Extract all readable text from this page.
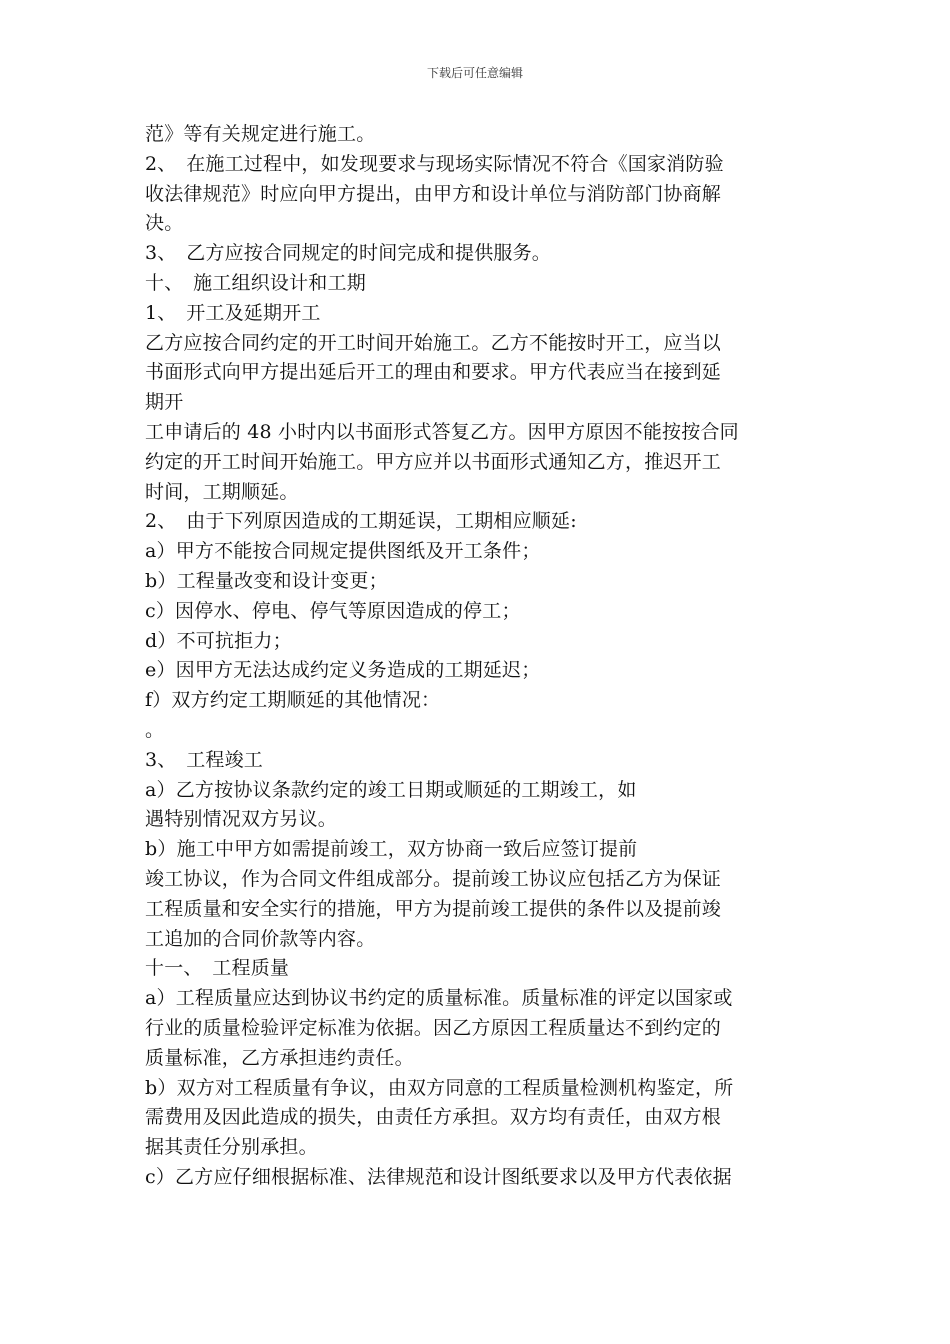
下载后可任意编辑
范》等有关规定进行施工。
2、　在施工过程中，如发现要求与现场实际情况不符合《国家消防验
收法律规范》时应向甲方提出，由甲方和设计单位与消防部门协商解
决。
3、　乙方应按合同规定的时间完成和提供服务。
十、　施工组织设计和工期
1、　开工及延期开工
乙方应按合同约定的开工时间开始施工。乙方不能按时开工，应当以
书面形式向甲方提出延后开工的理由和要求。甲方代表应当在接到延
期开
工申请后的 48 小时内以书面形式答复乙方。因甲方原因不能按按合同
约定的开工时间开始施工。甲方应并以书面形式通知乙方，推迟开工
时间，工期顺延。
2、　由于下列原因造成的工期延误，工期相应顺延:
a）甲方不能按合同规定提供图纸及开工条件；
b）工程量改变和设计变更；
c）因停水、停电、停气等原因造成的停工；
d）不可抗拒力；
e）因甲方无法达成约定义务造成的工期延迟；
f）双方约定工期顺延的其他情况：
。
3、　工程竣工
a）乙方按协议条款约定的竣工日期或顺延的工期竣工，如
遇特别情况双方另议。
b）施工中甲方如需提前竣工，双方协商一致后应签订提前
竣工协议，作为合同文件组成部分。提前竣工协议应包括乙方为保证
工程质量和安全实行的措施，甲方为提前竣工提供的条件以及提前竣
工追加的合同价款等内容。
十一、　工程质量
a）工程质量应达到协议书约定的质量标准。质量标准的评定以国家或
行业的质量检验评定标准为依据。因乙方原因工程质量达不到约定的
质量标准，乙方承担违约责任。
b）双方对工程质量有争议，由双方同意的工程质量检测机构鉴定，所
需费用及因此造成的损失，由责任方承担。双方均有责任，由双方根
据其责任分别承担。
c）乙方应仔细根据标准、法律规范和设计图纸要求以及甲方代表依据
